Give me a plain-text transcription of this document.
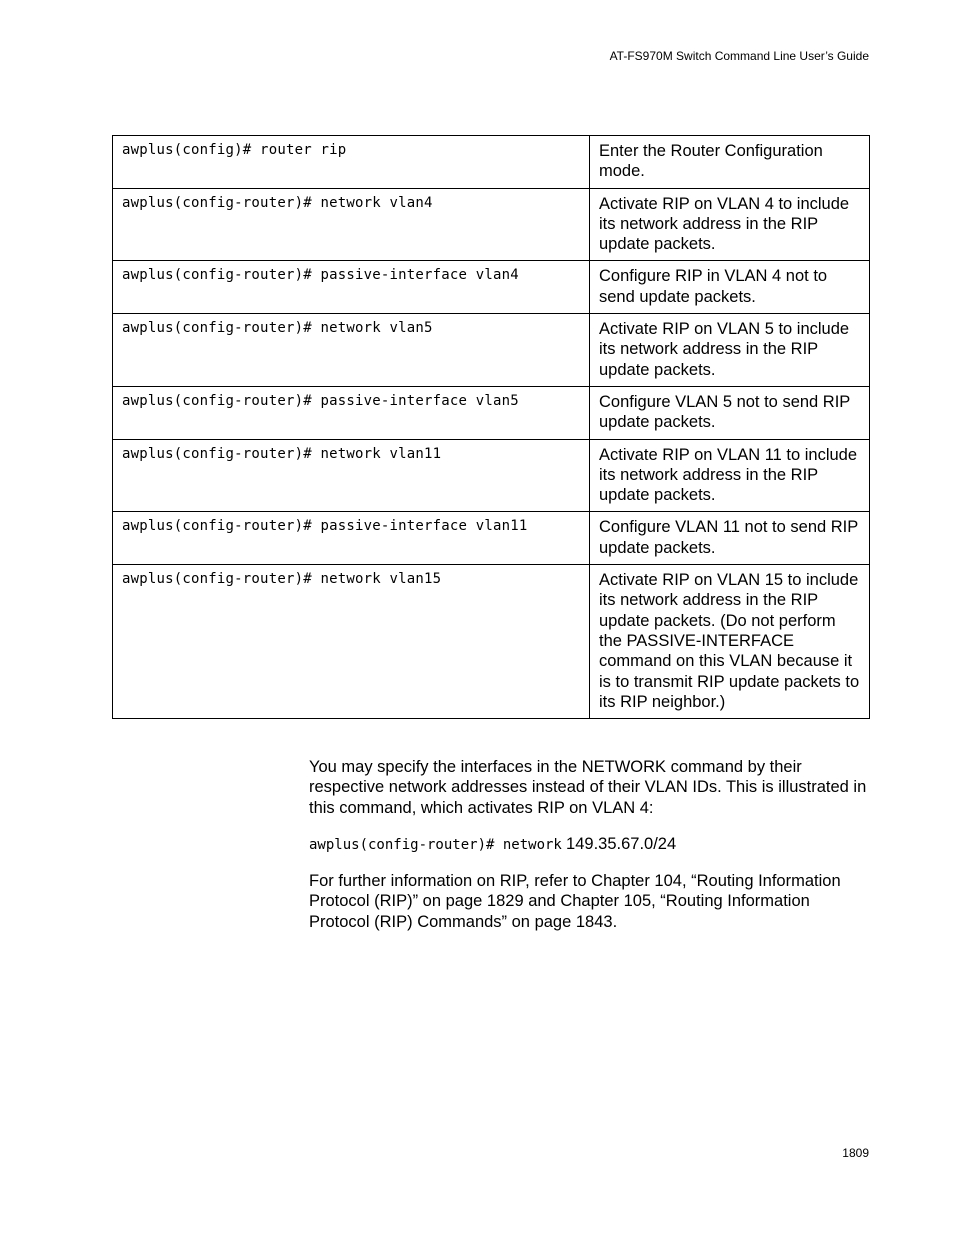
AT-FS970M Switch Command Line User’s Guide
awplus(config)# router rip	Enter the Router Configuration mode.
awplus(config-router)# network vlan4	Activate RIP on VLAN 4 to include its network address in the RIP update packets.
awplus(config-router)# passive-interface vlan4	Configure RIP in VLAN 4 not to send update packets.
awplus(config-router)# network vlan5	Activate RIP on VLAN 5 to include its network address in the RIP update packets.
awplus(config-router)# passive-interface vlan5	Configure VLAN 5 not to send RIP update packets.
awplus(config-router)# network vlan11	Activate RIP on VLAN 11 to include its network address in the RIP update packets.
awplus(config-router)# passive-interface vlan11	Configure VLAN 11 not to send RIP update packets.
awplus(config-router)# network vlan15	Activate RIP on VLAN 15 to include its network address in the RIP update packets. (Do not perform the PASSIVE-INTERFACE command on this VLAN because it is to transmit RIP update packets to its RIP neighbor.)

You may specify the interfaces in the NETWORK command by their respective network addresses instead of their VLAN IDs. This is illustrated in this command, which activates RIP on VLAN 4:

awplus(config-router)# network 149.35.67.0/24

For further information on RIP, refer to Chapter 104, “Routing Information Protocol (RIP)” on page 1829 and Chapter 105, “Routing Information Protocol (RIP) Commands” on page 1843.

1809
